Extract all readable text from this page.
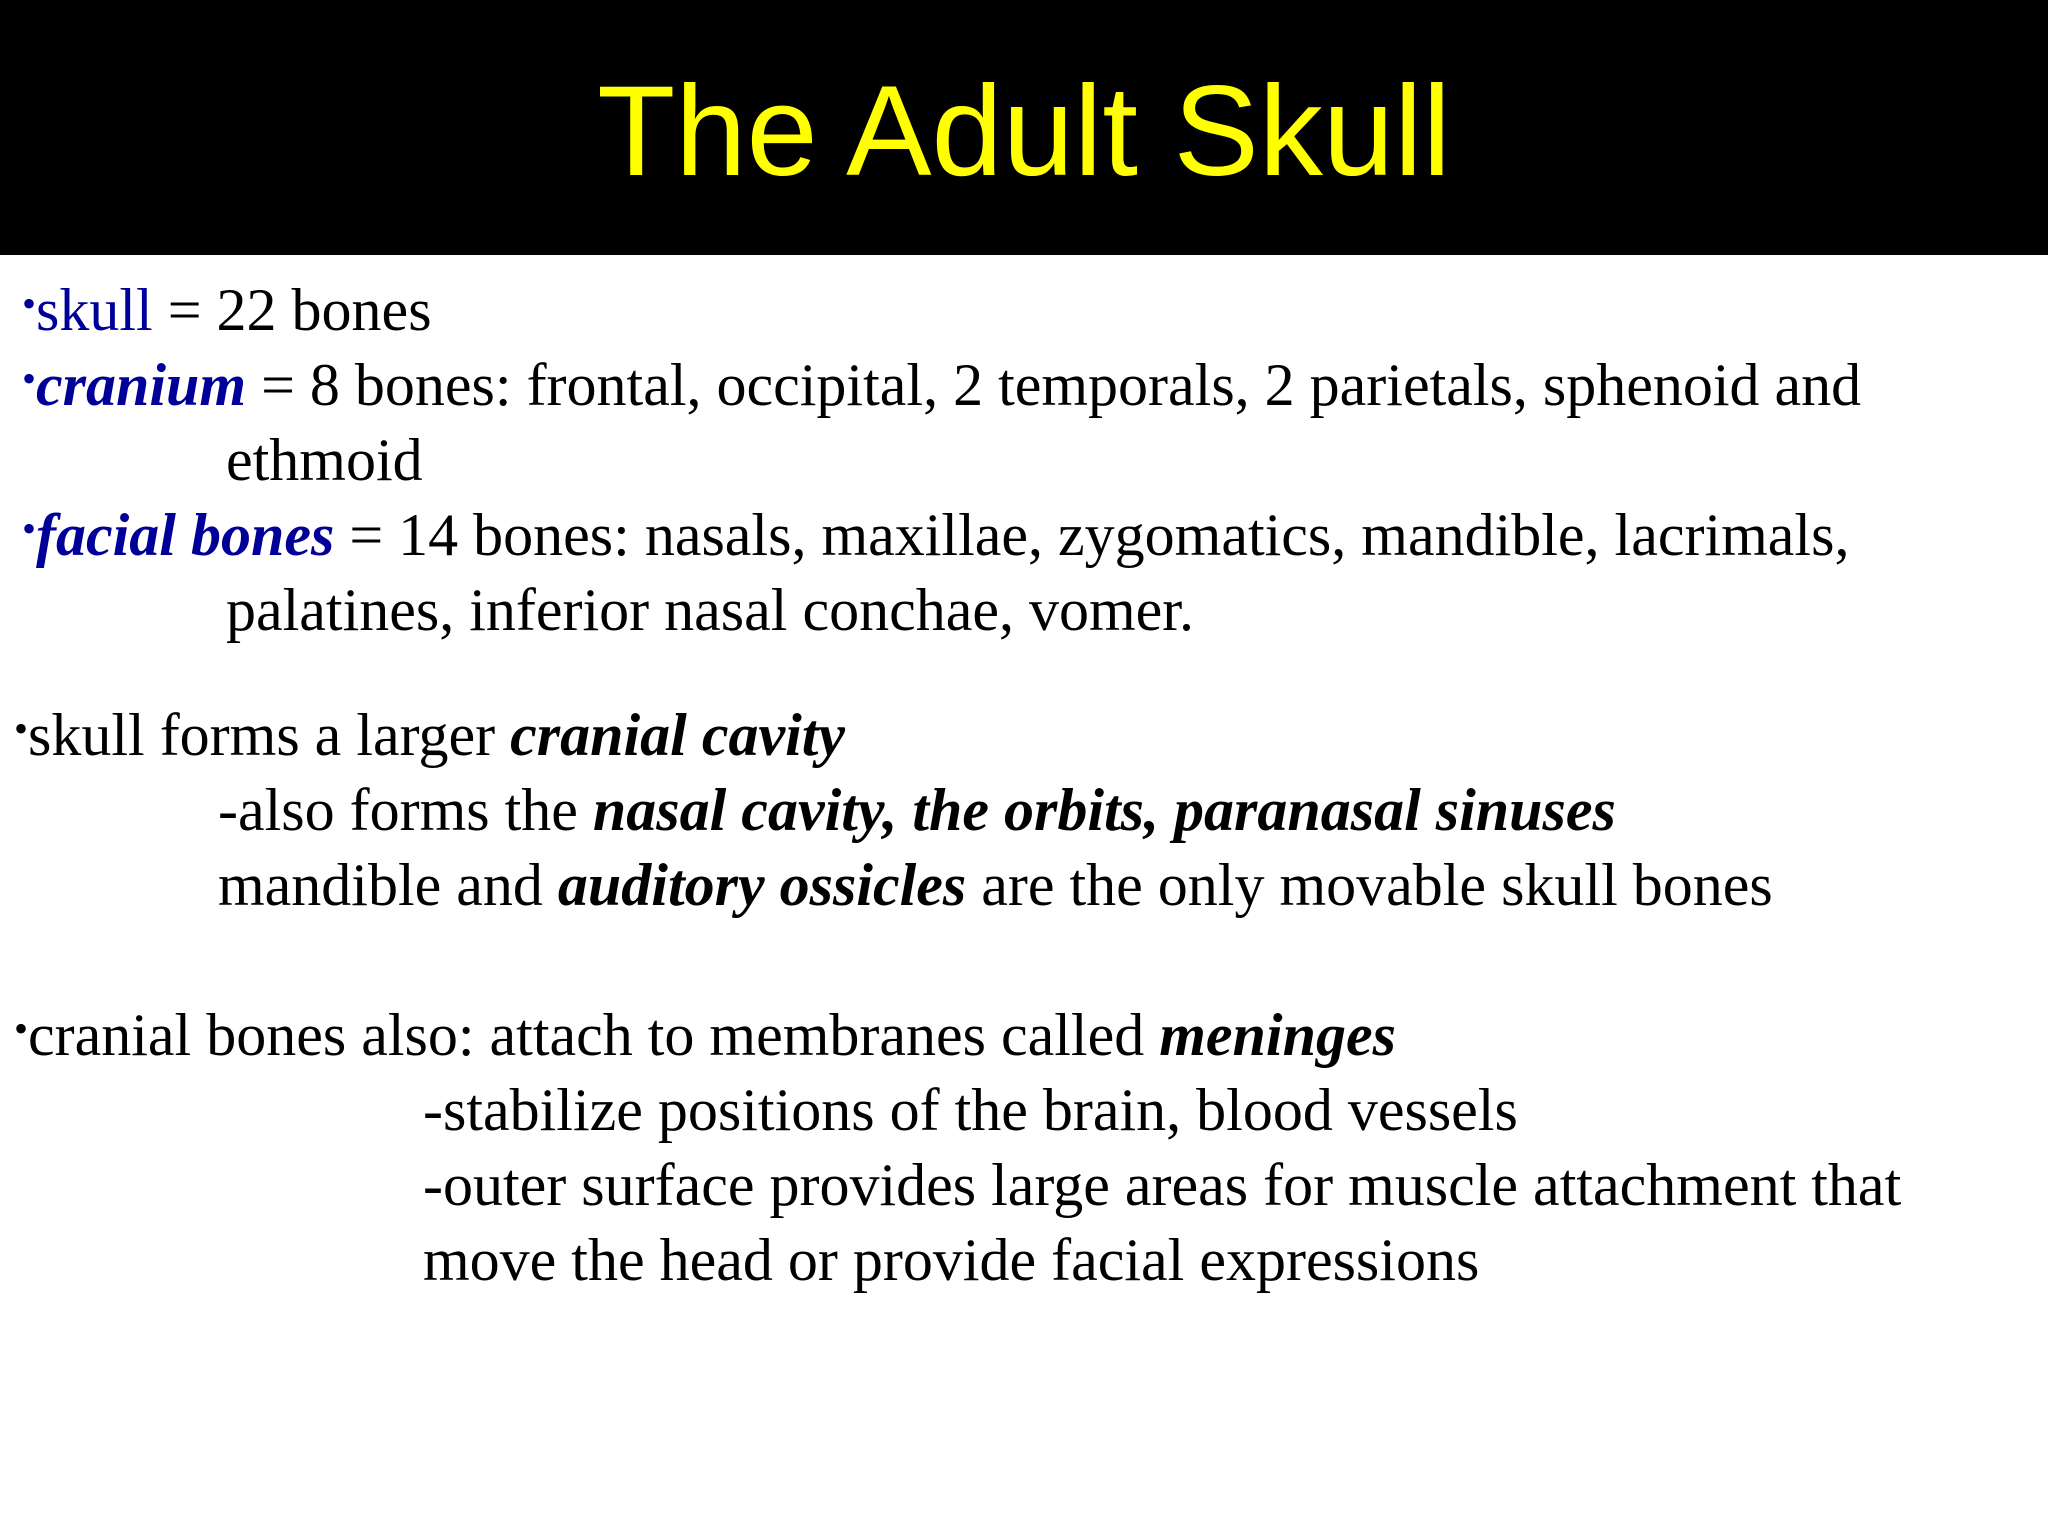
The Adult Skull
•skull = 22 bones
•cranium = 8 bones: frontal, occipital, 2 temporals, 2 parietals, sphenoid and
ethmoid
•facial bones = 14 bones: nasals, maxillae, zygomatics, mandible, lacrimals,
palatines, inferior nasal conchae, vomer.
•skull forms a larger cranial cavity
-also forms the nasal cavity, the orbits, paranasal sinuses
mandible and auditory ossicles are the only movable skull bones
•cranial bones also: attach to membranes called meninges
-stabilize positions of the brain, blood vessels
-outer surface provides large areas for muscle attachment that
move the head or provide facial expressions
